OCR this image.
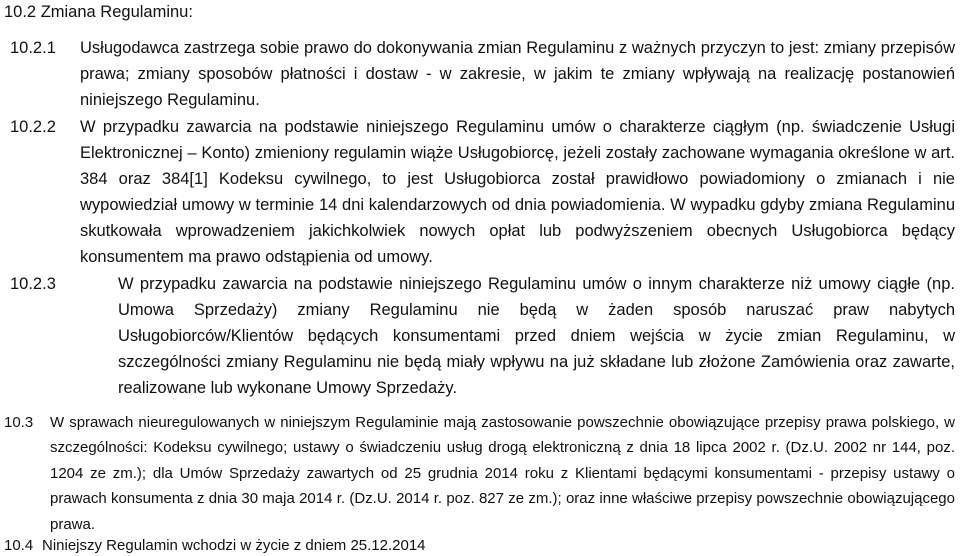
10.2 Zmiana Regulaminu:
10.2.1 Usługodawca zastrzega sobie prawo do dokonywania zmian Regulaminu z ważnych przyczyn to jest: zmiany przepisów prawa; zmiany sposobów płatności i dostaw - w zakresie, w jakim te zmiany wpływają na realizację postanowień niniejszego Regulaminu.
10.2.2 W przypadku zawarcia na podstawie niniejszego Regulaminu umów o charakterze ciągłym (np. świadczenie Usługi Elektronicznej – Konto) zmieniony regulamin wiąże Usługobiorcę, jeżeli zostały zachowane wymagania określone w art. 384 oraz 384[1] Kodeksu cywilnego, to jest Usługobiorca został prawidłowo powiadomiony o zmianach i nie wypowiedział umowy w terminie 14 dni kalendarzowych od dnia powiadomienia. W wypadku gdyby zmiana Regulaminu skutkowała wprowadzeniem jakichkolwiek nowych opłat lub podwyższeniem obecnych Usługobiorca będący konsumentem ma prawo odstąpienia od umowy.
10.2.3	W przypadku zawarcia na podstawie niniejszego Regulaminu umów o innym charakterze niż umowy ciągłe (np. Umowa Sprzedaży) zmiany Regulaminu nie będą w żaden sposób naruszać praw nabytych Usługobiorców/Klientów będących konsumentami przed dniem wejścia w życie zmian Regulaminu, w szczególności zmiany Regulaminu nie będą miały wpływu na już składane lub złożone Zamówienia oraz zawarte, realizowane lub wykonane Umowy Sprzedaży.
10.3 W sprawach nieuregulowanych w niniejszym Regulaminie mają zastosowanie powszechnie obowiązujące przepisy prawa polskiego, w szczególności: Kodeksu cywilnego; ustawy o świadczeniu usług drogą elektroniczną z dnia 18 lipca 2002 r. (Dz.U. 2002 nr 144, poz. 1204 ze zm.); dla Umów Sprzedaży zawartych od 25 grudnia 2014 roku z Klientami będącymi konsumentami - przepisy ustawy o prawach konsumenta z dnia 30 maja 2014 r. (Dz.U. 2014 r. poz. 827 ze zm.); oraz inne właściwe przepisy powszechnie obowiązującego prawa.
10.4 Niniejszy Regulamin wchodzi w życie z dniem 25.12.2014
